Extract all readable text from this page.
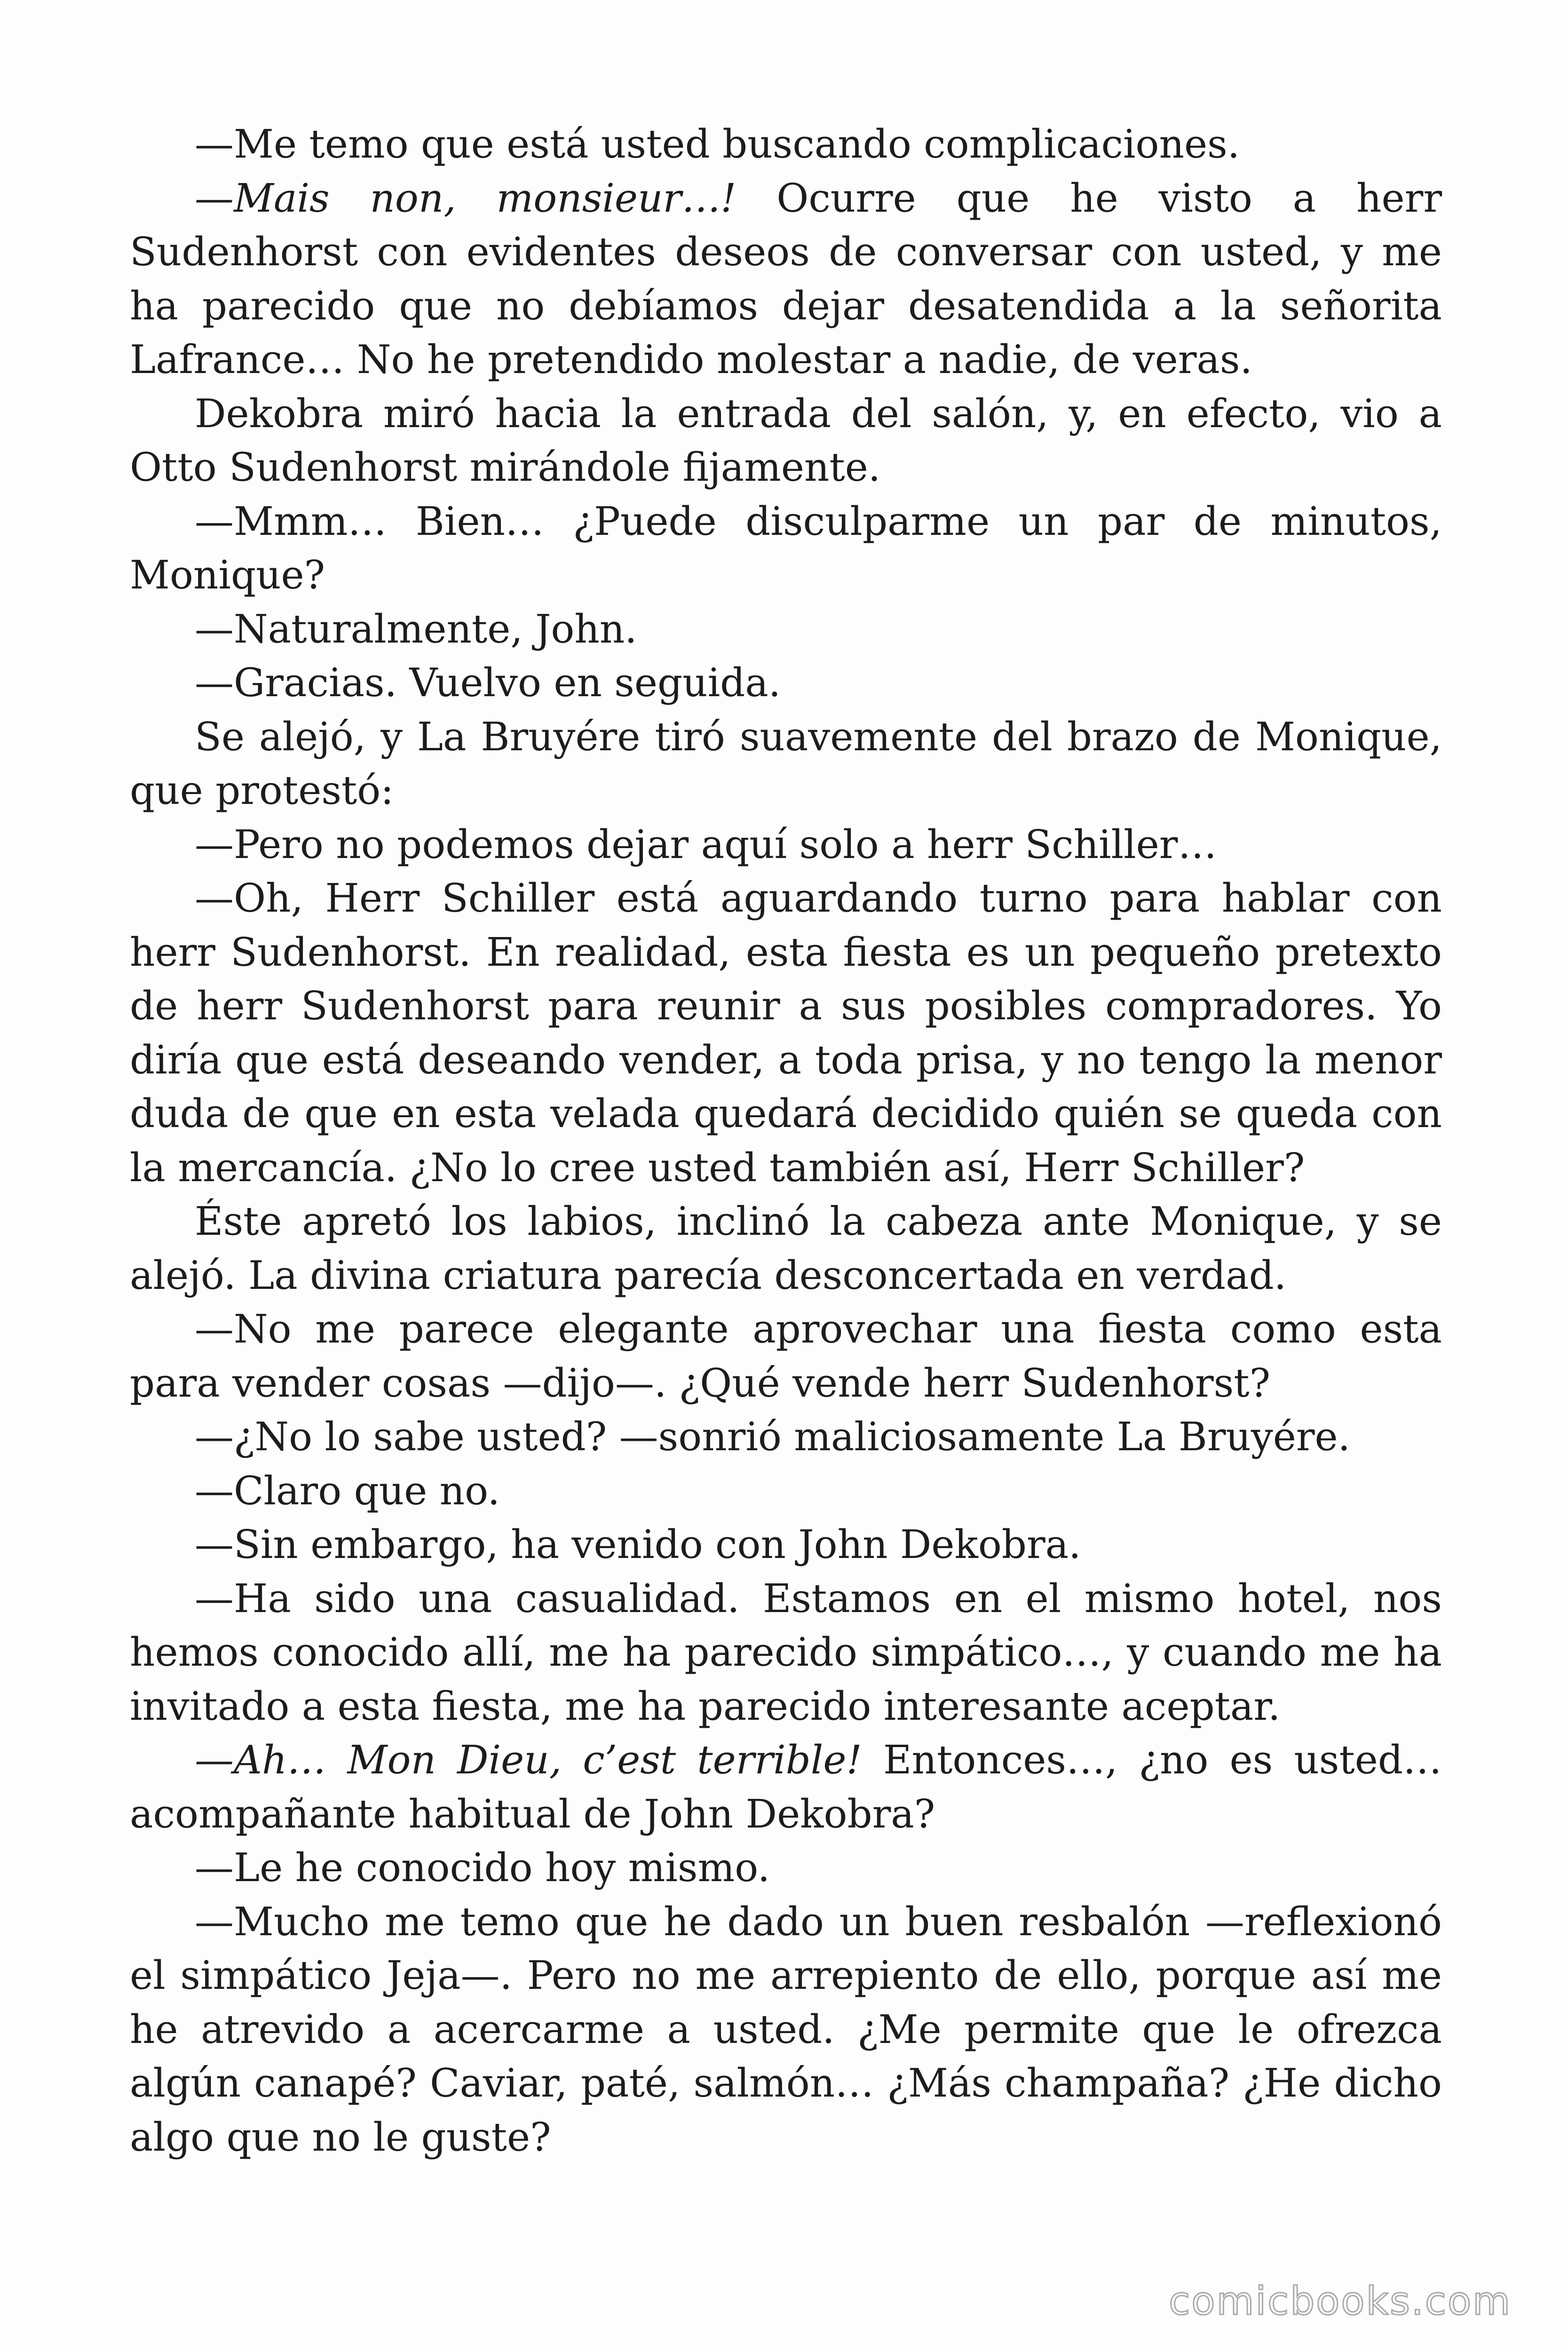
—Me temo que está usted buscando complicaciones.

—Mais non, monsieur…! Ocurre que he visto a herr Sudenhorst con evidentes deseos de conversar con usted, y me ha parecido que no debíamos dejar desatendida a la señorita Lafrance… No he pretendido molestar a nadie, de veras.

Dekobra miró hacia la entrada del salón, y, en efecto, vio a Otto Sudenhorst mirándole fijamente.

—Mmm… Bien… ¿Puede disculparme un par de minutos, Monique?

—Naturalmente, John.

—Gracias. Vuelvo en seguida.

Se alejó, y La Bruyére tiró suavemente del brazo de Monique, que protestó:

—Pero no podemos dejar aquí solo a herr Schiller…

—Oh, Herr Schiller está aguardando turno para hablar con herr Sudenhorst. En realidad, esta fiesta es un pequeño pretexto de herr Sudenhorst para reunir a sus posibles compradores. Yo diría que está deseando vender, a toda prisa, y no tengo la menor duda de que en esta velada quedará decidido quién se queda con la mercancía. ¿No lo cree usted también así, Herr Schiller?

Éste apretó los labios, inclinó la cabeza ante Monique, y se alejó. La divina criatura parecía desconcertada en verdad.

—No me parece elegante aprovechar una fiesta como esta para vender cosas —dijo—. ¿Qué vende herr Sudenhorst?

—¿No lo sabe usted? —sonrió maliciosamente La Bruyére.

—Claro que no.

—Sin embargo, ha venido con John Dekobra.

—Ha sido una casualidad. Estamos en el mismo hotel, nos hemos conocido allí, me ha parecido simpático…, y cuando me ha invitado a esta fiesta, me ha parecido interesante aceptar.

—Ah… Mon Dieu, c’est terrible! Entonces…, ¿no es usted… acompañante habitual de John Dekobra?

—Le he conocido hoy mismo.

—Mucho me temo que he dado un buen resbalón —reflexionó el simpático Jeja—. Pero no me arrepiento de ello, porque así me he atrevido a acercarme a usted. ¿Me permite que le ofrezca algún canapé? Caviar, paté, salmón… ¿Más champaña? ¿He dicho algo que no le guste?

comicbooks.com
